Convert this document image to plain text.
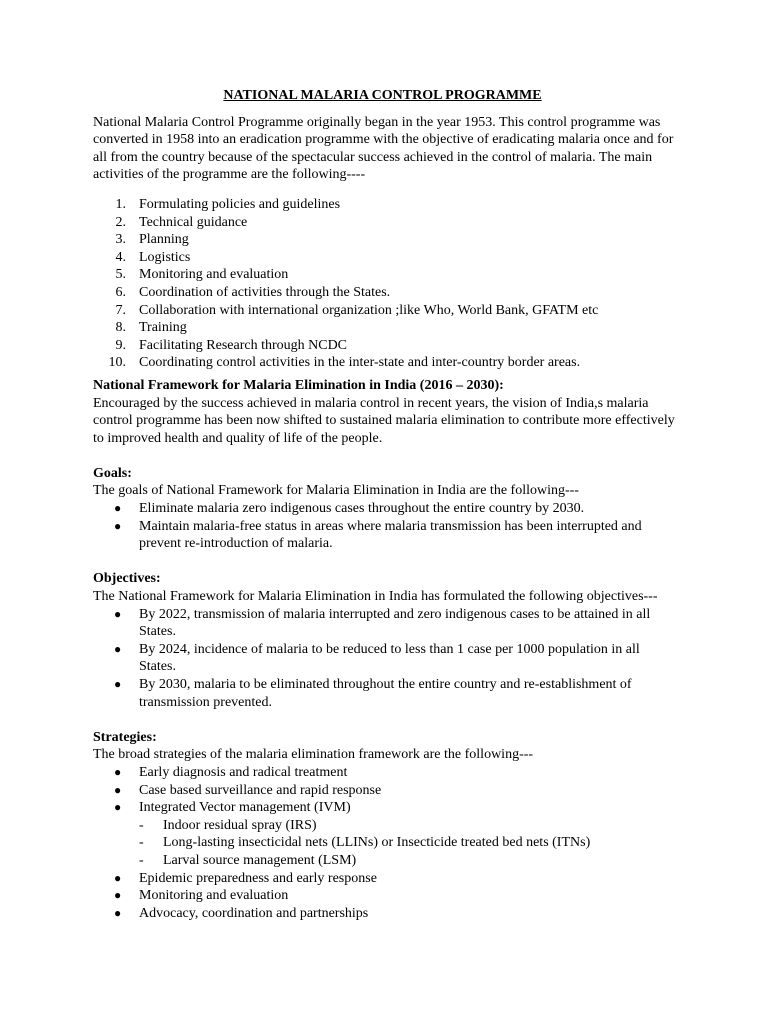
NATIONAL MALARIA CONTROL PROGRAMME

National Malaria Control Programme originally began in the year 1953. This control programme was converted in 1958 into an eradication programme with the objective of eradicating malaria once and for all from the country because of the spectacular success achieved in the control of malaria. The main activities of the programme are the following----

1. Formulating policies and guidelines
2. Technical guidance
3. Planning
4. Logistics
5. Monitoring and evaluation
6. Coordination of activities through the States.
7. Collaboration with international organization ;like Who, World Bank, GFATM etc
8. Training
9. Facilitating Research through NCDC
10. Coordinating control activities in the inter-state and inter-country border areas.

National Framework for Malaria Elimination in India (2016 – 2030):

Encouraged by the success achieved in malaria control in recent years, the vision of India,s malaria control programme has been now shifted to sustained malaria elimination to contribute more effectively to improved health and quality of life of the people.

Goals:

The goals of National Framework for Malaria Elimination in India are the following---

● Eliminate malaria zero indigenous cases throughout the entire country by 2030.
● Maintain malaria-free status in areas where malaria transmission has been interrupted and prevent re-introduction of malaria.

Objectives:

The National Framework for Malaria Elimination in India has formulated the following objectives---

● By 2022, transmission of malaria interrupted and zero indigenous cases to be attained in all States.
● By 2024, incidence of malaria to be reduced to less than 1 case per 1000 population in all States.
● By 2030, malaria to be eliminated throughout the entire country and re-establishment of transmission prevented.

Strategies:

The broad strategies of the malaria elimination framework are the following---

● Early diagnosis and radical treatment
● Case based surveillance and rapid response
● Integrated Vector management (IVM)
- Indoor residual spray (IRS)
- Long-lasting insecticidal nets (LLINs) or Insecticide treated bed nets (ITNs)
- Larval source management (LSM)
● Epidemic preparedness and early response
● Monitoring and evaluation
● Advocacy, coordination and partnerships
